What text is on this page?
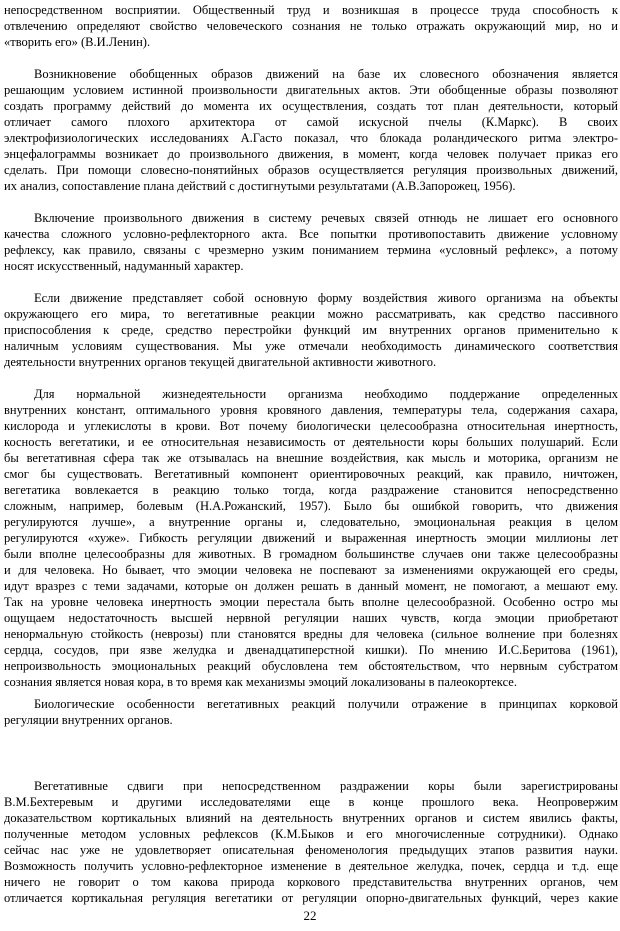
непосредственном восприятии. Общественный труд и возникшая в процессе труда способность к
отвлечению определяют свойство человеческого сознания не только отражать окружающий мир, но и
«творить его» (В.И.Ленин).
Возникновение обобщенных образов движений на базе их словесного обозначения является
решающим условием истинной произвольности двигательных актов. Эти обобщенные образы позволяют
создать программу действий до момента их осуществления, создать тот план деятельности, который
отличает самого плохого архитектора от самой искусной пчелы (К.Маркс). В своих
электрофизиологических исследованиях А.Гасто показал, что блокада роландического ритма электро-
энцефалограммы возникает до произвольного движения, в момент, когда человек получает приказ его
сделать. При помощи словесно-понятийных образов осуществляется регуляция произвольных движений,
их анализ, сопоставление плана действий с достигнутыми результатами (А.В.Запорожец, 1956).
Включение произвольного движения в систему речевых связей отнюдь не лишает его основного
качества сложного условно-рефлекторного акта. Все попытки противопоставить движение условному
рефлексу, как правило, связаны с чрезмерно узким пониманием термина «условный рефлекс», а потому
носят искусственный, надуманный характер.
Если движение представляет собой основную форму воздействия живого организма на объекты
окружающего его мира, то вегетативные реакции можно рассматривать, как средство пассивного
приспособления к среде, средство перестройки функций им внутренних органов применительно к
наличным условиям существования. Мы уже отмечали необходимость динамического соответствия
деятельности внутренних органов текущей двигательной активности животного.
Для нормальной жизнедеятельности организма необходимо поддержание определенных
внутренних констант, оптимального уровня кровяного давления, температуры тела, содержания сахара,
кислорода и углекислоты в крови. Вот почему биологически целесообразна относительная инертность,
косность вегетатики, и ее относительная независимость от деятельности коры больших полушарий. Если
бы вегетативная сфера так же отзывалась на внешние воздействия, как мысль и моторика, организм не
смог бы существовать. Вегетативный компонент ориентировочных реакций, как правило, ничтожен,
вегетатика вовлекается в реакцию только тогда, когда раздражение становится непосредственно
сложным, например, болевым (Н.А.Рожанский, 1957). Было бы ошибкой говорить, что движения
регулируются лучше», а внутренние органы и, следовательно, эмоциональная реакция в целом
регулируются «хуже». Гибкость регуляции движений и выраженная инертность эмоции миллионы лет
были вполне целесообразны для животных. В громадном большинстве случаев они также целесообразны
и для человека. Но бывает, что эмоции человека не поспевают за изменениями окружающей его среды,
идут вразрез с теми задачами, которые он должен решать в данный момент, не помогают, а мешают ему.
Так на уровне человека инертность эмоции перестала быть вполне целесообразной. Особенно остро мы
ощущаем недостаточность высшей нервной регуляции наших чувств, когда эмоции приобретают
ненормальную стойкость (неврозы) пли становятся вредны для человека (сильное волнение при болезнях
сердца, сосудов, при язве желудка и двенадцатиперстной кишки). По мнению И.С.Беритова (1961),
непроизвольность эмоциональных реакций обусловлена тем обстоятельством, что нервным субстратом
сознания является новая кора, в то время как механизмы эмоций локализованы в палеокортексе.
Биологические особенности вегетативных реакций получили отражение в принципах корковой
регуляции внутренних органов.
Вегетативные сдвиги при непосредственном раздражении коры были зарегистрированы
В.М.Бехтеревым и другими исследователями еще в конце прошлого века. Неопровержим
доказательством кортикальных влияний на деятельность внутренних органов и систем явились факты,
полученные методом условных рефлексов (К.М.Быков и его многочисленные сотрудники). Однако
сейчас нас уже не удовлетворяет описательная феноменология предыдущих этапов развития науки.
Возможность получить условно-рефлекторное изменение в деятельное желудка, почек, сердца и т.д. еще
ничего не говорит о том какова природа коркового представительства внутренних органов, чем
отличается кортикальная регуляция вегетатики от регуляции опорно-двигательных функций, через какие
22
